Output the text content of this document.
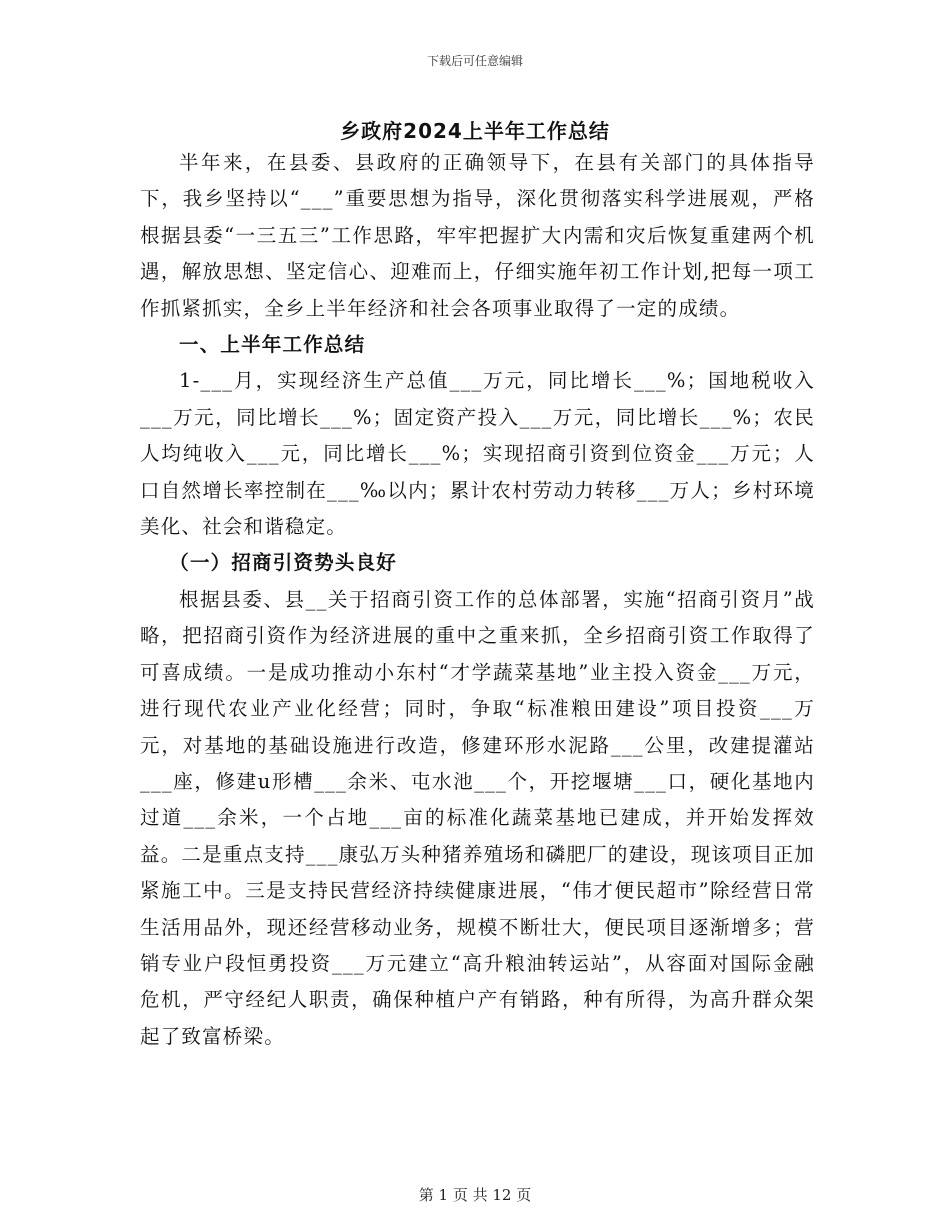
下载后可任意编辑
乡政府2024上半年工作总结

半年来，在县委、县政府的正确领导下，在县有关部门的具体指导下，我乡坚持以“___”重要思想为指导，深化贯彻落实科学进展观，严格根据县委“一三五三”工作思路，牢牢把握扩大内需和灾后恢复重建两个机遇，解放思想、坚定信心、迎难而上，仔细实施年初工作计划,把每一项工作抓紧抓实，全乡上半年经济和社会各项事业取得了一定的成绩。

一、上半年工作总结

1-___月，实现经济生产总值___万元，同比增长___%；国地税收入___万元，同比增长___%；固定资产投入___万元，同比增长___%；农民人均纯收入___元，同比增长___%；实现招商引资到位资金___万元；人口自然增长率控制在___‰以内；累计农村劳动力转移___万人；乡村环境美化、社会和谐稳定。

（一）招商引资势头良好

根据县委、县__关于招商引资工作的总体部署，实施“招商引资月”战略，把招商引资作为经济进展的重中之重来抓，全乡招商引资工作取得了可喜成绩。一是成功推动小东村“才学蔬菜基地”业主投入资金___万元，进行现代农业产业化经营；同时，争取“标准粮田建设”项目投资___万元，对基地的基础设施进行改造，修建环形水泥路___公里，改建提灌站___座，修建u形槽___余米、屯水池___个，开挖堰塘___口，硬化基地内过道___余米，一个占地___亩的标准化蔬菜基地已建成，并开始发挥效益。二是重点支持___康弘万头种猪养殖场和磷肥厂的建设，现该项目正加紧施工中。三是支持民营经济持续健康进展，“伟才便民超市”除经营日常生活用品外，现还经营移动业务，规模不断壮大，便民项目逐渐增多；营销专业户段恒勇投资___万元建立“高升粮油转运站”，从容面对国际金融危机，严守经纪人职责，确保种植户产有销路，种有所得，为高升群众架起了致富桥梁。

第 1 页 共 12 页
